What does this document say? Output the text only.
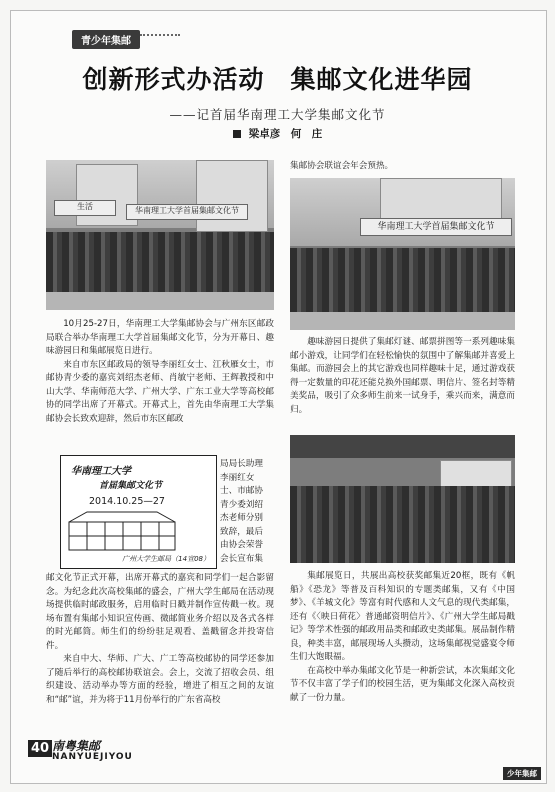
青少年集邮
创新形式办活动　集邮文化进华园
——记首届华南理工大学集邮文化节
梁卓彦　何　庄
生活	华南理工大学首届集邮文化节
华南理工大学首届集邮文化节

10月25-27日，华南理工大学集邮协会与广州东区邮政局联合举办华南理工大学首届集邮文化节，分为开幕日、趣味游园日和集邮展览日进行。

来自市东区邮政局的领导李丽红女士、江秋雁女士，市邮协青少委的嘉宾刘绍杰老师、肖敏宁老师、王辉教授和中山大学、华南师范大学、广州大学、广东工业大学等高校邮协的同学出席了开幕式。开幕式上，首先由华南理工大学集邮协会长致欢迎辞，然后市东区邮政

华南理工大学
首届集邮文化节
2014.10.25—27
广州大学生邮局（14宣08）
局局长助理
李丽红女
士、市邮协
青少委刘绍
杰老师分别
致辞，最后
由协会荣誉
会长宣布集

邮文化节正式开幕，出席开幕式的嘉宾和同学们一起合影留念。为纪念此次高校集邮的盛会，广州大学生邮局在活动现场提供临时邮政服务，启用临时日戳并制作宣传戳一枚。现场布置有集邮小知识宣传画、微邮简业务介绍以及各式各样的时光邮筒。师生们的纷纷驻足观看、盖戳留念并投寄信件。

来自中大、华师、广大、广工等高校邮协的同学还参加了随后举行的高校邮协联谊会。会上，交流了招收会员、组织建设、活动举办等方面的经验，增进了相互之间的友谊和“邮”谊，并为将于11月份举行的广东省高校

集邮协会联谊会年会预热。

趣味游园日提供了集邮灯谜、邮票拼图等一系列趣味集邮小游戏，让同学们在轻松愉快的氛围中了解集邮并喜爱上集邮。而游园会上的其它游戏也同样趣味十足，通过游戏获得一定数量的印花还能兑换外国邮票、明信片、签名封等精美奖品，吸引了众多师生前来一试身手，乘兴而来，满意而归。

集邮展览日，共展出高校获奖邮集近20框，既有《帆船》《恐龙》等普及百科知识的专题类邮集，又有《中国梦》、《羊城文化》等富有时代感和人文气息的现代类邮集，还有《〈映日荷花〉普通邮资明信片》、《广州大学生邮局戳记》等学术性强的邮政用品类和邮政史类邮集。展品制作精良，种类丰富，邮展现场人头攒动，这场集邮视觉盛宴令师生们大饱眼福。

在高校中举办集邮文化节是一种新尝试，本次集邮文化节不仅丰富了学子们的校园生活，更为集邮文化深入高校贡献了一份力量。

40 南粤集邮
NANYUEJIYOU
少年集邮
